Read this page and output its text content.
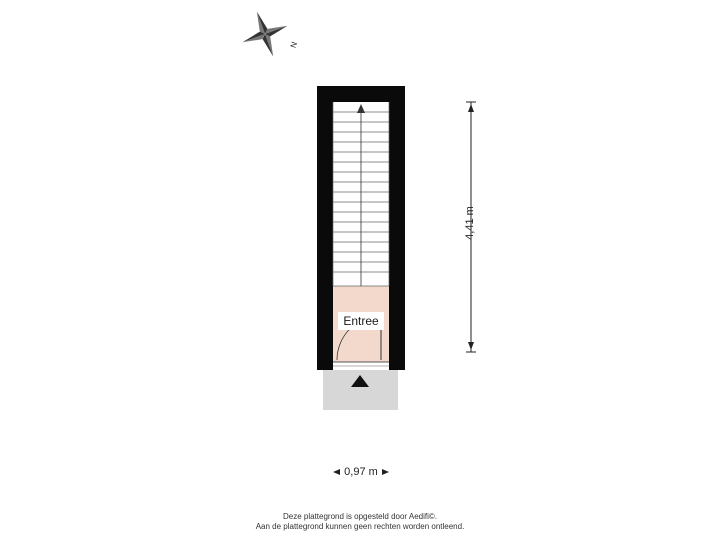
N
Entree
4,41 m
0,97 m
Deze plattegrond is opgesteld door Aedifi©.
Aan de plattegrond kunnen geen rechten worden ontleend.
